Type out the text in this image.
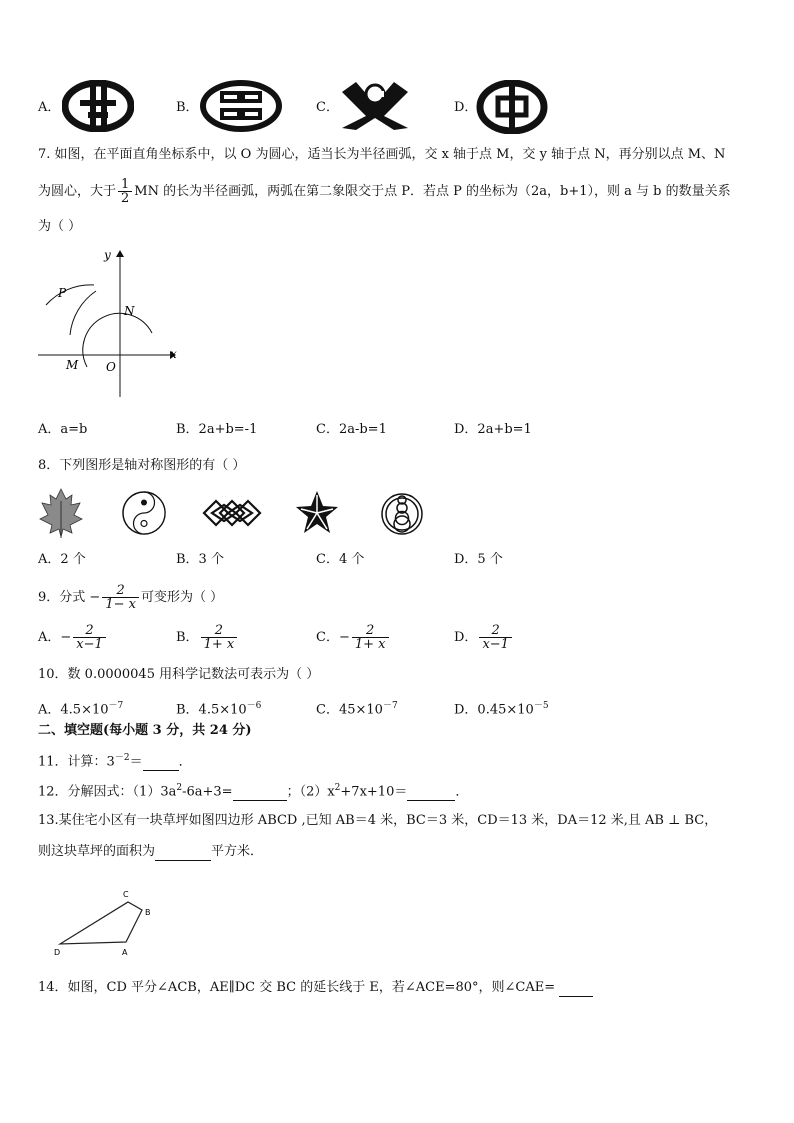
A．	B．	C．	D．
7. 如图，在平面直角坐标系中，以 O 为圆心，适当长为半径画弧，交 x 轴于点 M，交 y 轴于点 N，再分别以点 M、N
为圆心，大于 $\frac{1}{2}$ MN 的长为半径画弧，两弧在第二象限交于点 P．若点 P 的坐标为（2a，b+1），则 a 与 b 的数量关系
为（ ）
y
x
P
N
M O
A．a=b	B．2a+b=-1	C．2a-b=1	D．2a+b=1
8．下列图形是轴对称图形的有（ ）
A．2 个	B．3 个	C．4 个	D．5 个
9．分式 − $\frac{2}{1- x}$ 可变形为（ ）
A．− $\frac{2}{x-1}$	B． $\frac{2}{1+ x}$	C．− $\frac{2}{1+ x}$	D． $\frac{2}{x-1}$
10．数 0.0000045 用科学记数法可表示为（ ）
A．$4.5\times 10^{-7}$	B．$4.5\times 10^{-6}$	C．$45\times 10^{-7}$	D．$0.45\times 10^{-5}$
二、填空题(每小题 3 分，共 24 分)
11．计算：$3^{-2}=$	．
12．分解因式：$(1)3a^2-6a+3=$	；$(2)x^2+7x+10=$	．
13.某住宅小区有一块草坪如图四边形 ABCD ,已知 AB＝4 米，BC＝3 米，CD＝13 米，DA＝12 米,且 AB ⊥ BC，
则这块草坪的面积为	平方米．
C
B
D	A
14．如图，CD 平分∠ACB，AE∥DC 交 BC 的延长线于 E，若∠ACE=80°，则∠CAE=
